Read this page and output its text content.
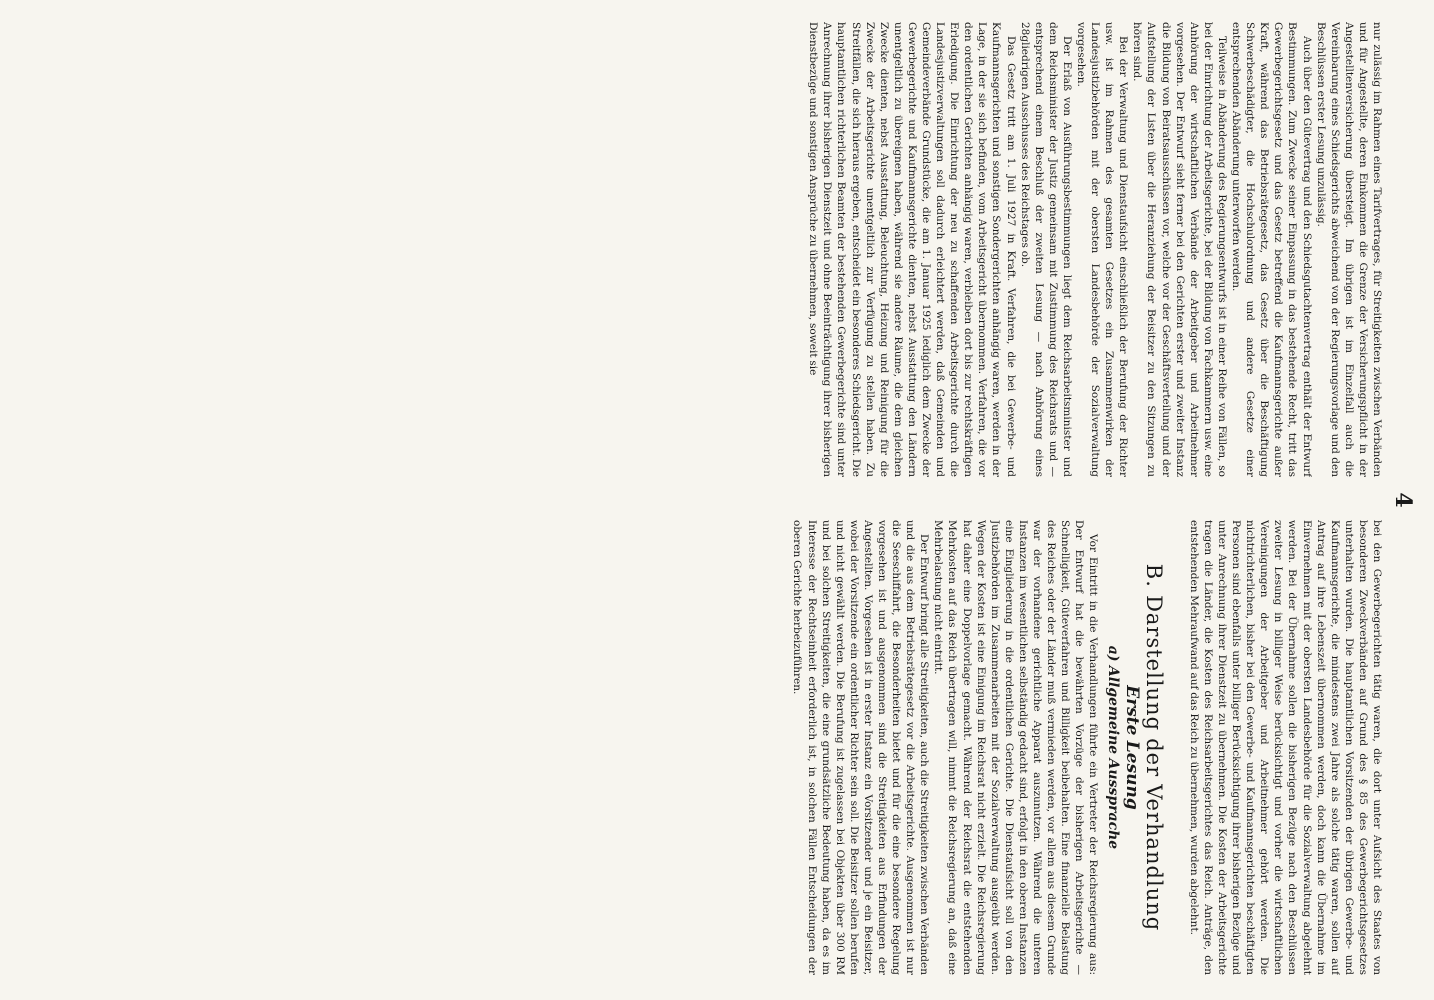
4

nur zulässig im Rahmen eines Tarifvertrages, für Streitigkeiten zwischen Verbänden und für Angestellte, deren Einkommen die Grenze der Versicherungspflicht in der Angestelltenversicherung übersteigt. Im übrigen ist im Einzelfall auch die Vereinbarung eines Schiedsgerichts abweichend von der Regierungsvorlage und den Beschlüssen erster Lesung unzulässig.

Auch über den Gütevertrag und den Schiedsgutachtenvertrag enthält der Entwurf Bestimmungen. Zum Zwecke seiner Einpassung in das bestehende Recht, tritt das Gewerbegerichtsgesetz und das Gesetz betreffend die Kaufmannsgerichte außer Kraft, während das Betriebsrätegesetz, das Gesetz über die Beschäftigung Schwerbeschädigter, die Hochschulordnung und andere Gesetze einer entsprechenden Abänderung unterworfen werden.

Teilweise in Abänderung des Regierungsentwurfs ist in einer Reihe von Fällen, so bei der Einrichtung der Arbeitsgerichte, bei der Bildung von Fachkammern usw. eine Anhörung der wirtschaftlichen Verbände der Arbeitgeber und Arbeitnehmer vorgesehen. Der Entwurf sieht ferner bei den Gerichten erster und zweiter Instanz die Bildung von Beiratsausschüssen vor, welche vor der Geschäftsverteilung und der Aufstellung der Listen über die Heranziehung der Beisitzer zu den Sitzungen zu hören sind.

Bei der Verwaltung und Dienstaufsicht einschließlich der Berufung der Richter usw. ist im Rahmen des gesamten Gesetzes ein Zusammenwirken der Landesjustizbehörden mit der obersten Landesbehörde der Sozialverwaltung vorgesehen.

Der Erlaß von Ausführungsbestimmungen liegt dem Reichsarbeitsminister und dem Reichsminister der Justiz gemeinsam mit Zustimmung des Reichsrats und — entsprechend einem Beschluß der zweiten Lesung — nach Anhörung eines 28gliedrigen Ausschusses des Reichstages ob.

Das Gesetz tritt am 1. Juli 1927 in Kraft. Verfahren, die bei Gewerbe- und Kaufmannsgerichten und sonstigen Sondergerichten anhängig waren, werden in der Lage, in der sie sich befinden, vom Arbeitsgericht übernommen. Verfahren, die vor den ordentlichen Gerichten anhängig waren, verbleiben dort bis zur rechtskräftigen Erledigung. Die Einrichtung der neu zu schaffenden Arbeitsgerichte durch die Landesjustizverwaltungen soll dadurch erleichtert werden, daß Gemeinden und Gemeindeverbände Grundstücke, die am 1. Januar 1925 lediglich dem Zwecke der Gewerbegerichte und Kaufmannsgerichte dienten, nebst Ausstattung den Ländern unentgeltlich zu übereignen haben, während sie andere Räume, die dem gleichen Zwecke dienten, nebst Ausstattung, Beleuchtung, Heizung und Reinigung für die Zwecke der Arbeitsgerichte unentgeltlich zur Verfügung zu stellen haben. Zu Streitfällen, die sich hieraus ergeben, entscheidet ein besonderes Schiedsgericht. Die hauptamtlichen richterlichen Beamten der bestehenden Gewerbegerichte sind unter Anrechnung ihrer bisherigen Dienstzeit und ohne Beeinträchtigung ihrer bisherigen Dienstbezüge und sonstigen Ansprüche zu übernehmen, soweit sie

bei den Gewerbegerichten tätig waren, die dort unter Aufsicht des Staates von besonderen Zweckverbänden auf Grund des § 85 des Gewerbegerichtsgesetzes unterhalten wurden. Die hauptamtlichen Vorsitzenden der übrigen Gewerbe- und Kaufmannsgerichte, die mindestens zwei Jahre als solche tätig waren, sollen auf Antrag auf ihre Lebenszeit übernommen werden, doch kann die Übernahme im Einvernehmen mit der obersten Landesbehörde für die Sozialverwaltung abgelehnt werden. Bei der Übernahme sollen die bisherigen Bezüge nach den Beschlüssen zweiter Lesung in billiger Weise berücksichtigt und vorher die wirtschaftlichen Vereinigungen der Arbeitgeber und Arbeitnehmer gehört werden. Die nichtrichterlichen, bisher bei den Gewerbe- und Kaufmannsgerichten beschäftigten Personen sind ebenfalls unter billiger Berücksichtigung ihrer bisherigen Bezüge und unter Anrechnung ihrer Dienstzeit zu übernehmen. Die Kosten der Arbeitsgerichte tragen die Länder, die Kosten des Reichsarbeitsgerichtes das Reich. Anträge, den entstehenden Mehraufwand auf das Reich zu übernehmen, wurden abgelehnt.

B. Darstellung der Verhandlung
Erste Lesung
a) Allgemeine Aussprache

Vor Eintritt in die Verhandlungen führte ein Vertreter der Reichsregierung aus: Der Entwurf hat die bewährten Vorzüge der bisherigen Arbeitsgerichte — Schnelligkeit, Güteverfahren und Billigkeit beibehalten. Eine finanzielle Belastung des Reiches oder der Länder muß vermieden werden, vor allem aus diesem Grunde war der vorhandene gerichtliche Apparat auszunutzen. Während die unteren Instanzen im wesentlichen selbständig gedacht sind, erfolgt in den oberen Instanzen eine Eingliederung in die ordentlichen Gerichte. Die Dienstaufsicht soll von den Justizbehörden im Zusammenarbeiten mit der Sozialverwaltung ausgeübt werden. Wegen der Kosten ist eine Einigung im Reichsrat nicht erzielt. Die Reichsregierung hat daher eine Doppelvorlage gemacht. Während der Reichsrat die entstehenden Mehrkosten auf das Reich übertragen will, nimmt die Reichsregierung an, daß eine Mehrbelastung nicht eintritt.

Der Entwurf bringt alle Streitigkeiten, auch die Streitigkeiten zwischen Verbänden und die aus dem Betriebsrätegesetz vor die Arbeitsgerichte. Ausgenommen ist nur die Seeschiffahrt, die Besonderheiten bietet und für die eine besondere Regelung vorgesehen ist und ausgenommen sind die Streitigkeiten aus Erfindungen der Angestellten. Vorgesehen ist in erster Instanz ein Vorsitzender und je ein Beisitzer, wobei der Vorsitzende ein ordentlicher Richter sein soll. Die Beisitzer sollen berufen und nicht gewählt werden. Die Berufung ist zugelassen bei Objekten über 300 RM und bei solchen Streitigkeiten, die eine grundsätzliche Bedeutung haben, da es im Interesse der Rechtseinheit erforderlich ist, in solchen Fällen Entscheidungen der oberen Gerichte herbeizuführen.
